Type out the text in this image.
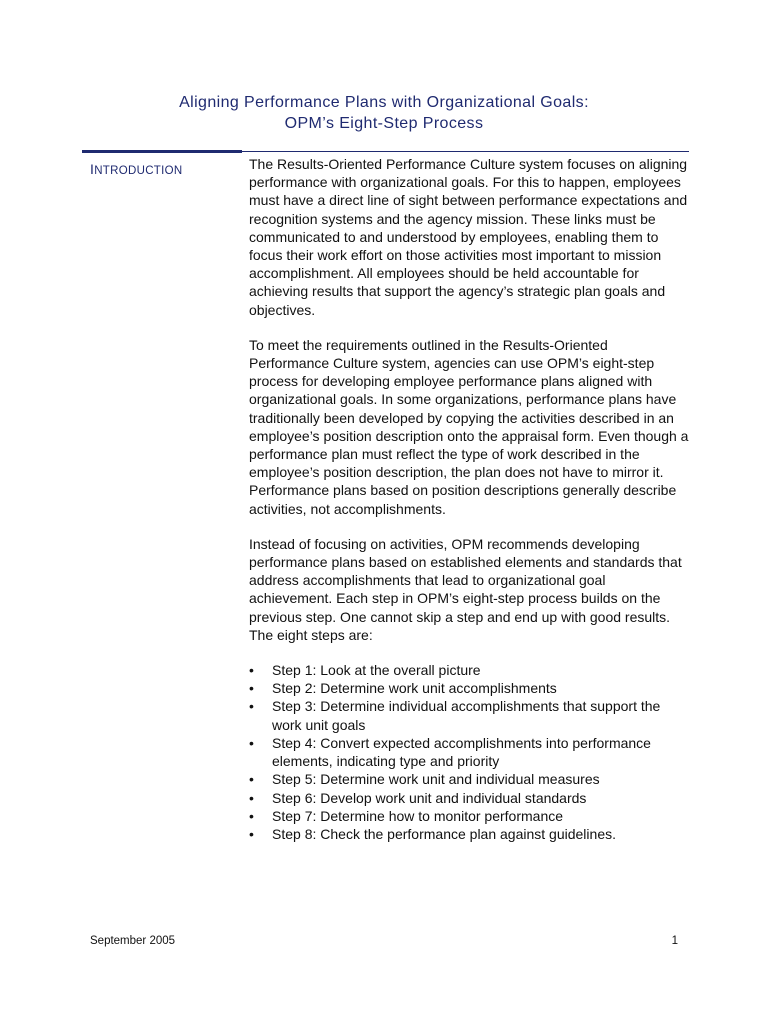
Aligning Performance Plans with Organizational Goals:
OPM’s Eight-Step Process
INTRODUCTION	The Results-Oriented Performance Culture system focuses on aligning performance with organizational goals. For this to happen, employees must have a direct line of sight between performance expectations and recognition systems and the agency mission. These links must be communicated to and understood by employees, enabling them to focus their work effort on those activities most important to mission accomplishment. All employees should be held accountable for achieving results that support the agency’s strategic plan goals and objectives.

To meet the requirements outlined in the Results-Oriented Performance Culture system, agencies can use OPM’s eight-step process for developing employee performance plans aligned with organizational goals. In some organizations, performance plans have traditionally been developed by copying the activities described in an employee’s position description onto the appraisal form. Even though a performance plan must reflect the type of work described in the employee’s position description, the plan does not have to mirror it. Performance plans based on position descriptions generally describe activities, not accomplishments.

Instead of focusing on activities, OPM recommends developing performance plans based on established elements and standards that address accomplishments that lead to organizational goal achievement. Each step in OPM’s eight-step process builds on the previous step. One cannot skip a step and end up with good results. The eight steps are:

•	Step 1: Look at the overall picture
•	Step 2: Determine work unit accomplishments
•	Step 3: Determine individual accomplishments that support the work unit goals
•	Step 4: Convert expected accomplishments into performance elements, indicating type and priority
•	Step 5: Determine work unit and individual measures
•	Step 6: Develop work unit and individual standards
•	Step 7: Determine how to monitor performance
•	Step 8: Check the performance plan against guidelines.
September 2005	1
